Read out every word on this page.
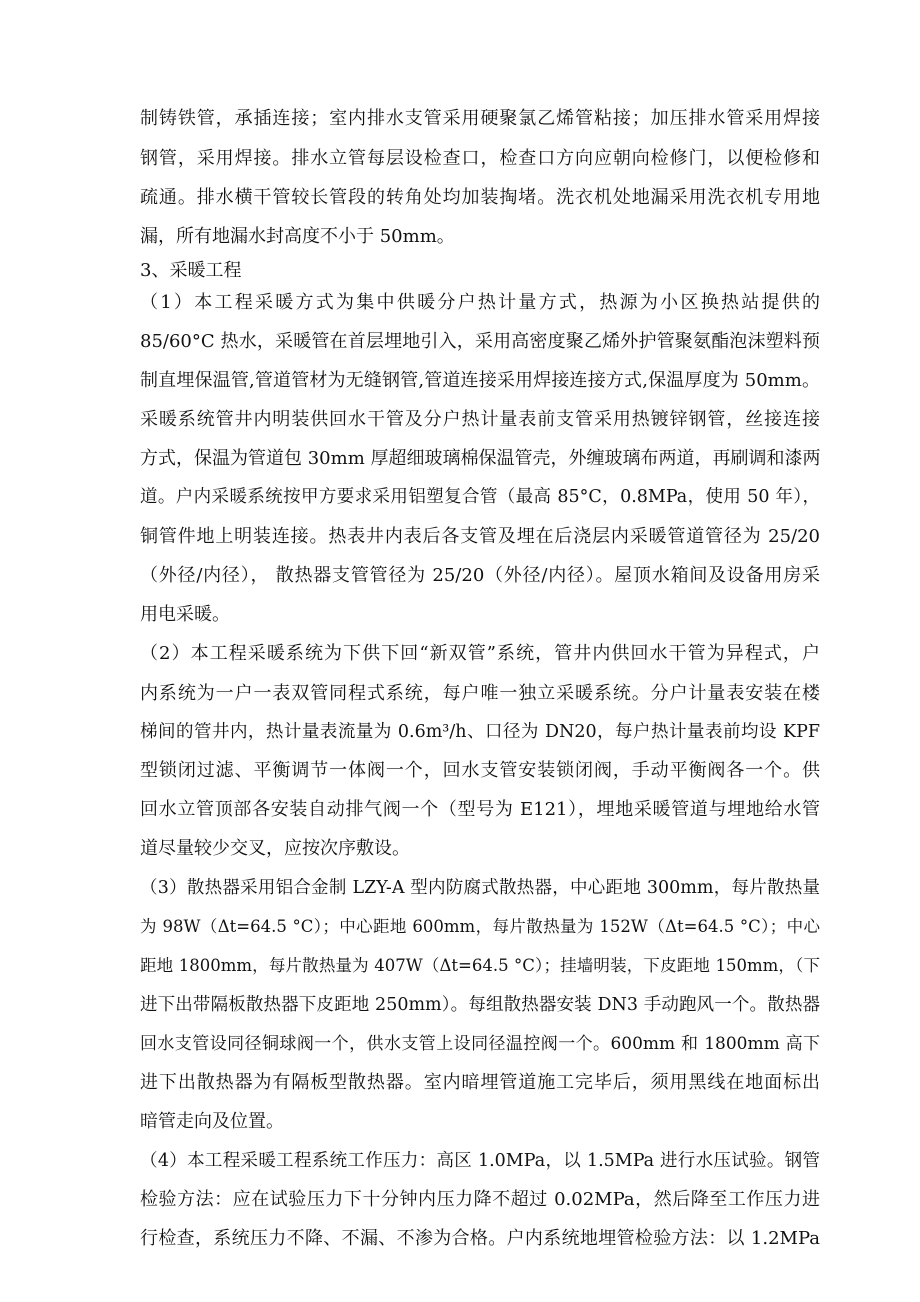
制铸铁管，承插连接；室内排水支管采用硬聚氯乙烯管粘接；加压排水管采用焊接
钢管，采用焊接。排水立管每层设检查口，检查口方向应朝向检修门，以便检修和
疏通。排水横干管较长管段的转角处均加装掏堵。洗衣机处地漏采用洗衣机专用地
漏，所有地漏水封高度不小于 50mm。
3、采暖工程
（1）本工程采暖方式为集中供暖分户热计量方式，热源为小区换热站提供的
85/60°C 热水，采暖管在首层埋地引入，采用高密度聚乙烯外护管聚氨酯泡沫塑料预
制直埋保温管,管道管材为无缝钢管,管道连接采用焊接连接方式,保温厚度为 50mm。
采暖系统管井内明装供回水干管及分户热计量表前支管采用热镀锌钢管，丝接连接
方式，保温为管道包 30mm 厚超细玻璃棉保温管壳，外缠玻璃布两道，再刷调和漆两
道。户内采暖系统按甲方要求采用铝塑复合管（最高 85°C，0.8MPa，使用 50 年），
铜管件地上明装连接。热表井内表后各支管及埋在后浇层内采暖管道管径为 25/20
（外径/内径）， 散热器支管管径为 25/20（外径/内径）。屋顶水箱间及设备用房采
用电采暖。
（2）本工程采暖系统为下供下回“新双管”系统，管井内供回水干管为异程式，户
内系统为一户一表双管同程式系统，每户唯一独立采暖系统。分户计量表安装在楼
梯间的管井内，热计量表流量为 0.6m³/h、口径为 DN20，每户热计量表前均设 KPF
型锁闭过滤、平衡调节一体阀一个，回水支管安装锁闭阀，手动平衡阀各一个。供
回水立管顶部各安装自动排气阀一个（型号为 E121），埋地采暖管道与埋地给水管
道尽量较少交叉，应按次序敷设。
（3）散热器采用铝合金制 LZY-A 型内防腐式散热器，中心距地 300mm，每片散热量
为 98W（Δt=64.5 °C）；中心距地 600mm，每片散热量为 152W（Δt=64.5 °C）；中心
距地 1800mm，每片散热量为 407W（Δt=64.5 °C）；挂墙明装，下皮距地 150mm，（下
进下出带隔板散热器下皮距地 250mm）。每组散热器安装 DN3 手动跑风一个。散热器
回水支管设同径铜球阀一个，供水支管上设同径温控阀一个。600mm 和 1800mm 高下
进下出散热器为有隔板型散热器。室内暗埋管道施工完毕后，须用黑线在地面标出
暗管走向及位置。
（4）本工程采暖工程系统工作压力：高区 1.0MPa，以 1.5MPa 进行水压试验。钢管
检验方法：应在试验压力下十分钟内压力降不超过 0.02MPa，然后降至工作压力进
行检查，系统压力不降、不漏、不渗为合格。户内系统地埋管检验方法：以 1.2MPa
